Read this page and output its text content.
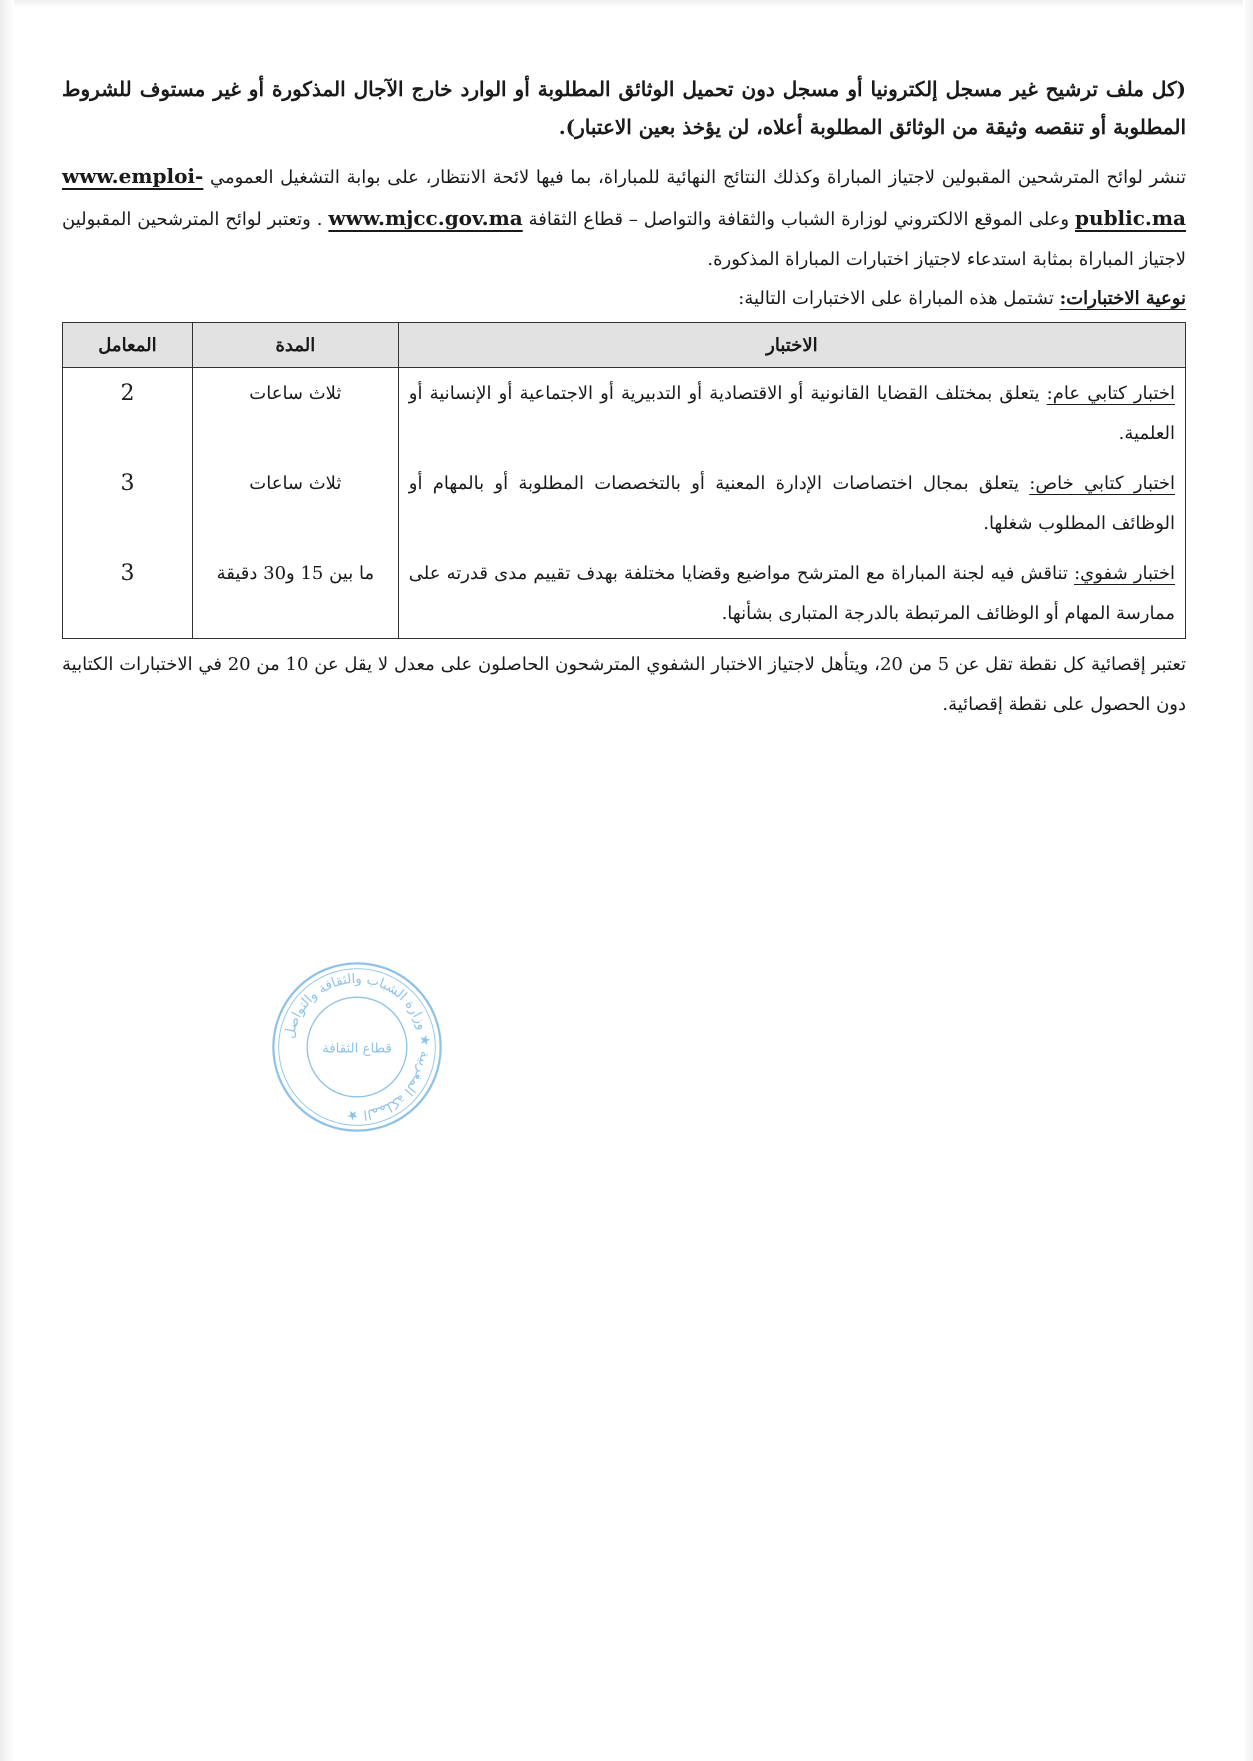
(كل ملف ترشيح غير مسجل إلكترونيا أو مسجل دون تحميل الوثائق المطلوبة أو الوارد خارج الآجال المذكورة أو غير مستوف للشروط المطلوبة أو تنقصه وثيقة من الوثائق المطلوبة أعلاه، لن يؤخذ بعين الاعتبار).

تنشر لوائح المترشحين المقبولين لاجتياز المباراة وكذلك النتائج النهائية للمباراة، بما فيها لائحة الانتظار، على بوابة التشغيل العمومي www.emploi-public.ma وعلى الموقع الالكتروني لوزارة الشباب والثقافة والتواصل – قطاع الثقافة www.mjcc.gov.ma . وتعتبر لوائح المترشحين المقبولين لاجتياز المباراة بمثابة استدعاء لاجتياز اختبارات المباراة المذكورة.

نوعية الاختبارات: تشتمل هذه المباراة على الاختبارات التالية:

الاختبار	المدة	المعامل
اختبار كتابي عام: يتعلق بمختلف القضايا القانونية أو الاقتصادية أو التدبيرية أو الاجتماعية أو الإنسانية أو العلمية.	ثلاث ساعات	2
اختبار كتابي خاص: يتعلق بمجال اختصاصات الإدارة المعنية أو بالتخصصات المطلوبة أو بالمهام أو الوظائف المطلوب شغلها.	ثلاث ساعات	3
اختبار شفوي: تناقش فيه لجنة المباراة مع المترشح مواضيع وقضايا مختلفة بهدف تقييم مدى قدرته على ممارسة المهام أو الوظائف المرتبطة بالدرجة المتبارى بشأنها.	ما بين 15 و30 دقيقة	3

تعتبر إقصائية كل نقطة تقل عن 5 من 20، ويتأهل لاجتياز الاختبار الشفوي المترشحون الحاصلون على معدل لا يقل عن 10 من 20 في الاختبارات الكتابية دون الحصول على نقطة إقصائية.

المملكة المغربية ★ وزارة الشباب والثقافة والتواصل ★
قطاع الثقافة
